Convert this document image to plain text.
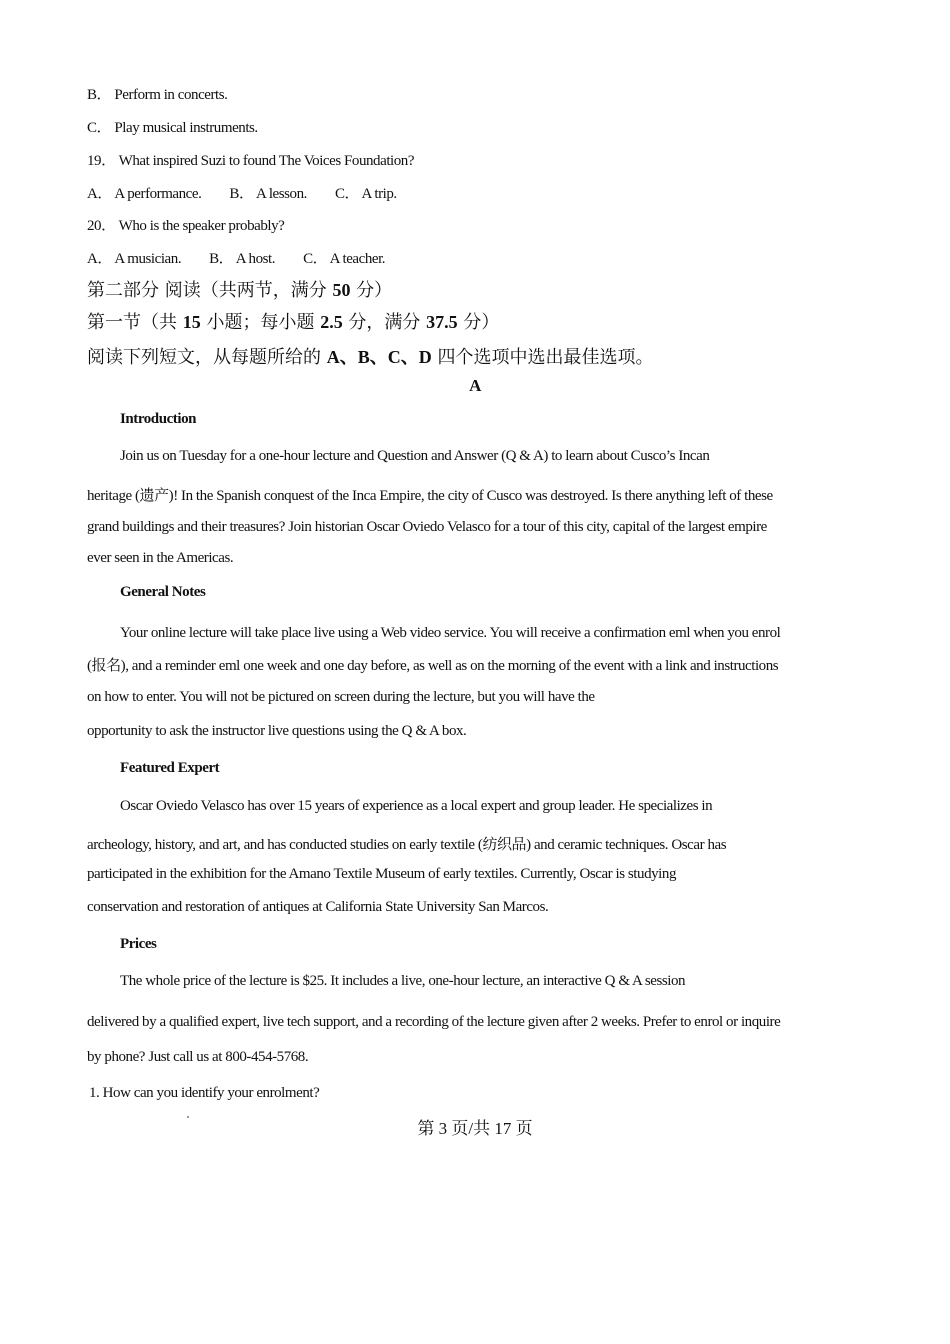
B． Perform in concerts.
C． Play musical instruments.
19． What inspired Suzi to found The Voices Foundation?
A． A performance. B． A lesson. C． A trip.
20． Who is the speaker probably?
A． A musician. B． A host. C． A teacher.
第二部分 阅读（共两节，满分 50 分）
第一节（共 15 小题；每小题 2.5 分，满分 37.5 分）
阅读下列短文，从每题所给的 A、B、C、D 四个选项中选出最佳选项。
A
Introduction
Join us on Tuesday for a one-hour lecture and Question and Answer (Q & A) to learn about Cusco’s Incan
heritage (遗产)! In the Spanish conquest of the Inca Empire, the city of Cusco was destroyed. Is there anything left of these
grand buildings and their treasures? Join historian Oscar Oviedo Velasco for a tour of this city, capital of the largest empire
ever seen in the Americas.
General Notes
Your online lecture will take place live using a Web video service. You will receive a confirmation eml when you enrol
(报名), and a reminder eml one week and one day before, as well as on the morning of the event with a link and instructions
on how to enter. You will not be pictured on screen during the lecture, but you will have the
opportunity to ask the instructor live questions using the Q & A box.
Featured Expert
Oscar Oviedo Velasco has over 15 years of experience as a local expert and group leader. He specializes in
archeology, history, and art, and has conducted studies on early textile (纺织品) and ceramic techniques. Oscar has
participated in the exhibition for the Amano Textile Museum of early textiles. Currently, Oscar is studying
conservation and restoration of antiques at California State University San Marcos.
Prices
The whole price of the lecture is $25. It includes a live, one-hour lecture, an interactive Q & A session
delivered by a qualified expert, live tech support, and a recording of the lecture given after 2 weeks. Prefer to enrol or inquire
by phone? Just call us at 800-454-5768.
1. How can you identify your enrolment?
第 3 页/共 17 页
